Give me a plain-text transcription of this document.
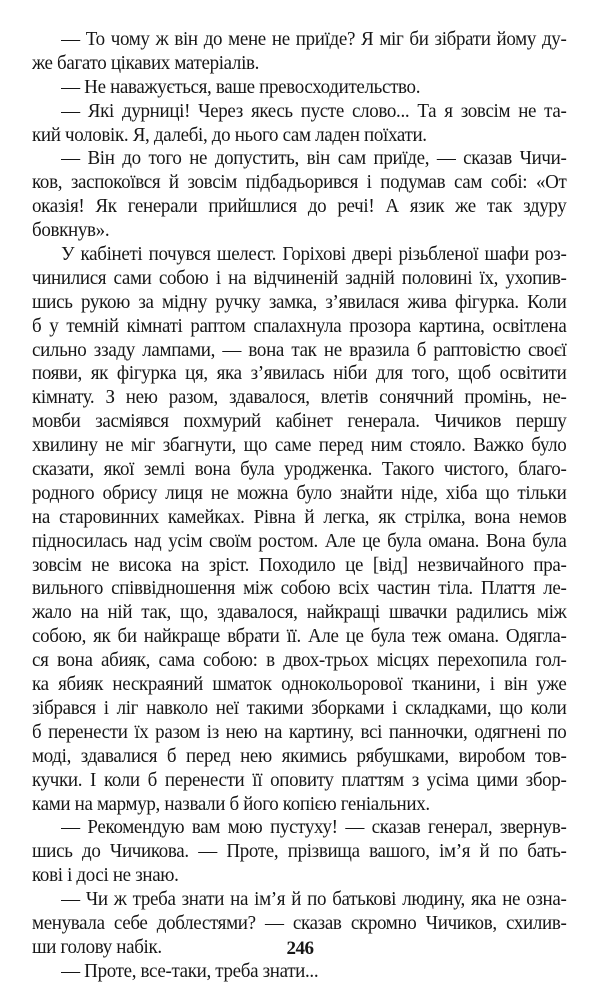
— То чому ж він до мене не приїде? Я міг би зібрати йому ду-
же багато цікавих матеріалів.
— Не наважується, ваше превосходительство.
— Які дурниці! Через якесь пусте слово... Та я зовсім не та-
кий чоловік. Я, далебі, до нього сам ладен поїхати.
— Він до того не допустить, він сам приїде, — сказав Чичи-
ков, заспокоївся й зовсім підбадьорився і подумав сам собі: «От
оказія! Як генерали прийшлися до речі! А язик же так здуру
бовкнув».
У кабінеті почувся шелест. Горіхові двері різьбленої шафи роз-
чинилися сами собою і на відчиненій задній половині їх, ухопив-
шись рукою за мідну ручку замка, з’явилася жива фігурка. Коли
б у темній кімнаті раптом спалахнула прозора картина, освітлена
сильно ззаду лампами, — вона так не вразила б раптовістю своєї
появи, як фігурка ця, яка з’явилась ніби для того, щоб освітити
кімнату. З нею разом, здавалося, влетів сонячний промінь, не-
мовби засміявся похмурий кабінет генерала. Чичиков першу
хвилину не міг збагнути, що саме перед ним стояло. Важко було
сказати, якої землі вона була уродженка. Такого чистого, благо-
родного обрису лиця не можна було знайти ніде, хіба що тільки
на старовинних камейках. Рівна й легка, як стрілка, вона немов
підносилась над усім своїм ростом. Але це була омана. Вона була
зовсім не висока на зріст. Походило це [від] незвичайного пра-
вильного співвідношення між собою всіх частин тіла. Плаття ле-
жало на ній так, що, здавалося, найкращі швачки радились між
собою, як би найкраще вбрати її. Але це була теж омана. Одягла-
ся вона абияк, сама собою: в двох-трьох місцях перехопила гол-
ка ябияк нескраяний шматок однокольорової тканини, і він уже
зібрався і ліг навколо неї такими зборками і складками, що коли
б перенести їх разом із нею на картину, всі панночки, одягнені по
моді, здавалися б перед нею якимись рябушками, виробом тов-
кучки. І коли б перенести її оповиту платтям з усіма цими збор-
ками на мармур, назвали б його копією геніальних.
— Рекомендую вам мою пустуху! — сказав генерал, звернув-
шись до Чичикова. — Проте, прізвища вашого, ім’я й по бать-
кові і досі не знаю.
— Чи ж треба знати на ім’я й по батькові людину, яка не озна-
менувала себе доблестями? — сказав скромно Чичиков, схилив-
ши голову набік.
— Проте, все-таки, треба знати...
246
